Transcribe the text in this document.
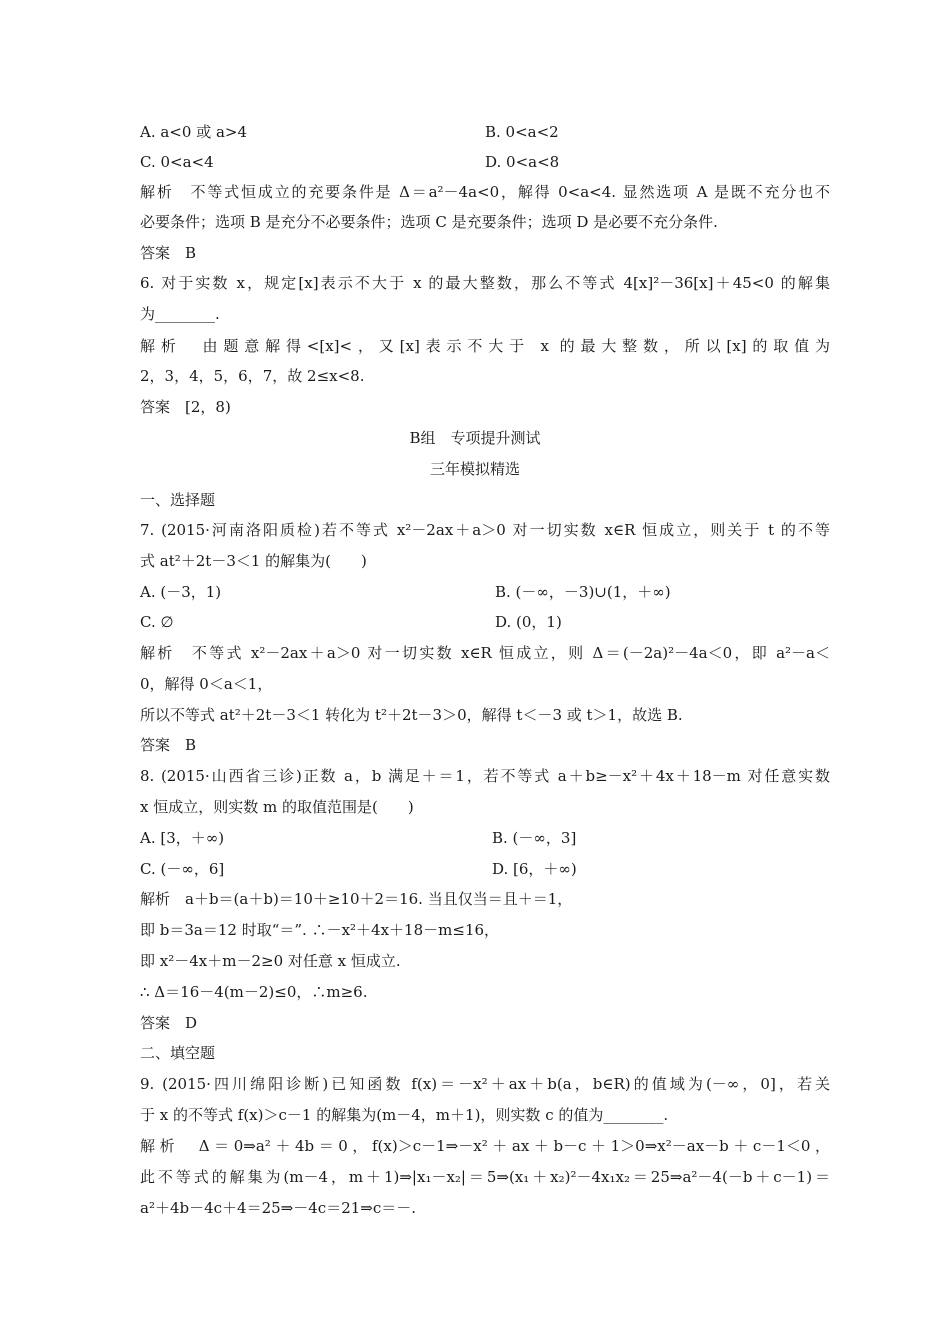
A. a<0 或 a>4	B. 0<a<2
C. 0<a<4	D. 0<a<8
解析　不等式恒成立的充要条件是 Δ＝a²－4a<0，解得 0<a<4. 显然选项 A 是既不充分也不
必要条件；选项 B 是充分不必要条件；选项 C 是充要条件；选项 D 是必要不充分条件.
答案　B
6. 对于实数 x，规定[x]表示不大于 x 的最大整数，那么不等式 4[x]²－36[x]＋45<0 的解集
为________.
解析　由题意解得<[x]<，又[x]表示不大于 x 的最大整数，所以[x]的取值为
2，3，4，5，6，7，故 2≤x<8.
答案　[2，8)
B组　专项提升测试
三年模拟精选
一、选择题
7. (2015·河南洛阳质检)若不等式 x²－2ax＋a＞0 对一切实数 x∈R 恒成立，则关于 t 的不等
式 at²＋2t－3＜1 的解集为(　　)
A. (－3，1)	B. (－∞，－3)∪(1，＋∞)
C. ∅	D. (0，1)
解析　不等式 x²－2ax＋a＞0 对一切实数 x∈R 恒成立，则 Δ＝(－2a)²－4a＜0，即 a²－a＜
0，解得 0＜a＜1，
所以不等式 at²＋2t－3＜1 转化为 t²＋2t－3＞0，解得 t＜－3 或 t＞1，故选 B.
答案　B
8. (2015·山西省三诊)正数 a，b 满足＋＝1，若不等式 a＋b≥－x²＋4x＋18－m 对任意实数
x 恒成立，则实数 m 的取值范围是(　　)
A. [3，＋∞)	B. (－∞，3]
C. (－∞，6]	D. [6，＋∞)
解析　a＋b＝(a＋b)＝10＋≥10＋2＝16. 当且仅当＝且＋＝1，
即 b＝3a＝12 时取“＝”. ∴－x²＋4x＋18－m≤16，
即 x²－4x＋m－2≥0 对任意 x 恒成立.
∴ Δ＝16－4(m－2)≤0，∴m≥6.
答案　D
二、填空题
9. (2015·四川绵阳诊断)已知函数 f(x)＝－x²＋ax＋b(a，b∈R)的值域为(－∞，0]，若关
于 x 的不等式 f(x)＞c－1 的解集为(m－4，m＋1)，则实数 c 的值为________.
解析　Δ＝0⇒a²＋4b＝0，f(x)＞c－1⇒－x²＋ax＋b－c＋1＞0⇒x²－ax－b＋c－1＜0，
此不等式的解集为(m－4，m＋1)⇒|x₁－x₂|＝5⇒(x₁＋x₂)²－4x₁x₂＝25⇒a²－4(－b＋c－1)＝
a²＋4b－4c＋4＝25⇒－4c＝21⇒c＝－.
